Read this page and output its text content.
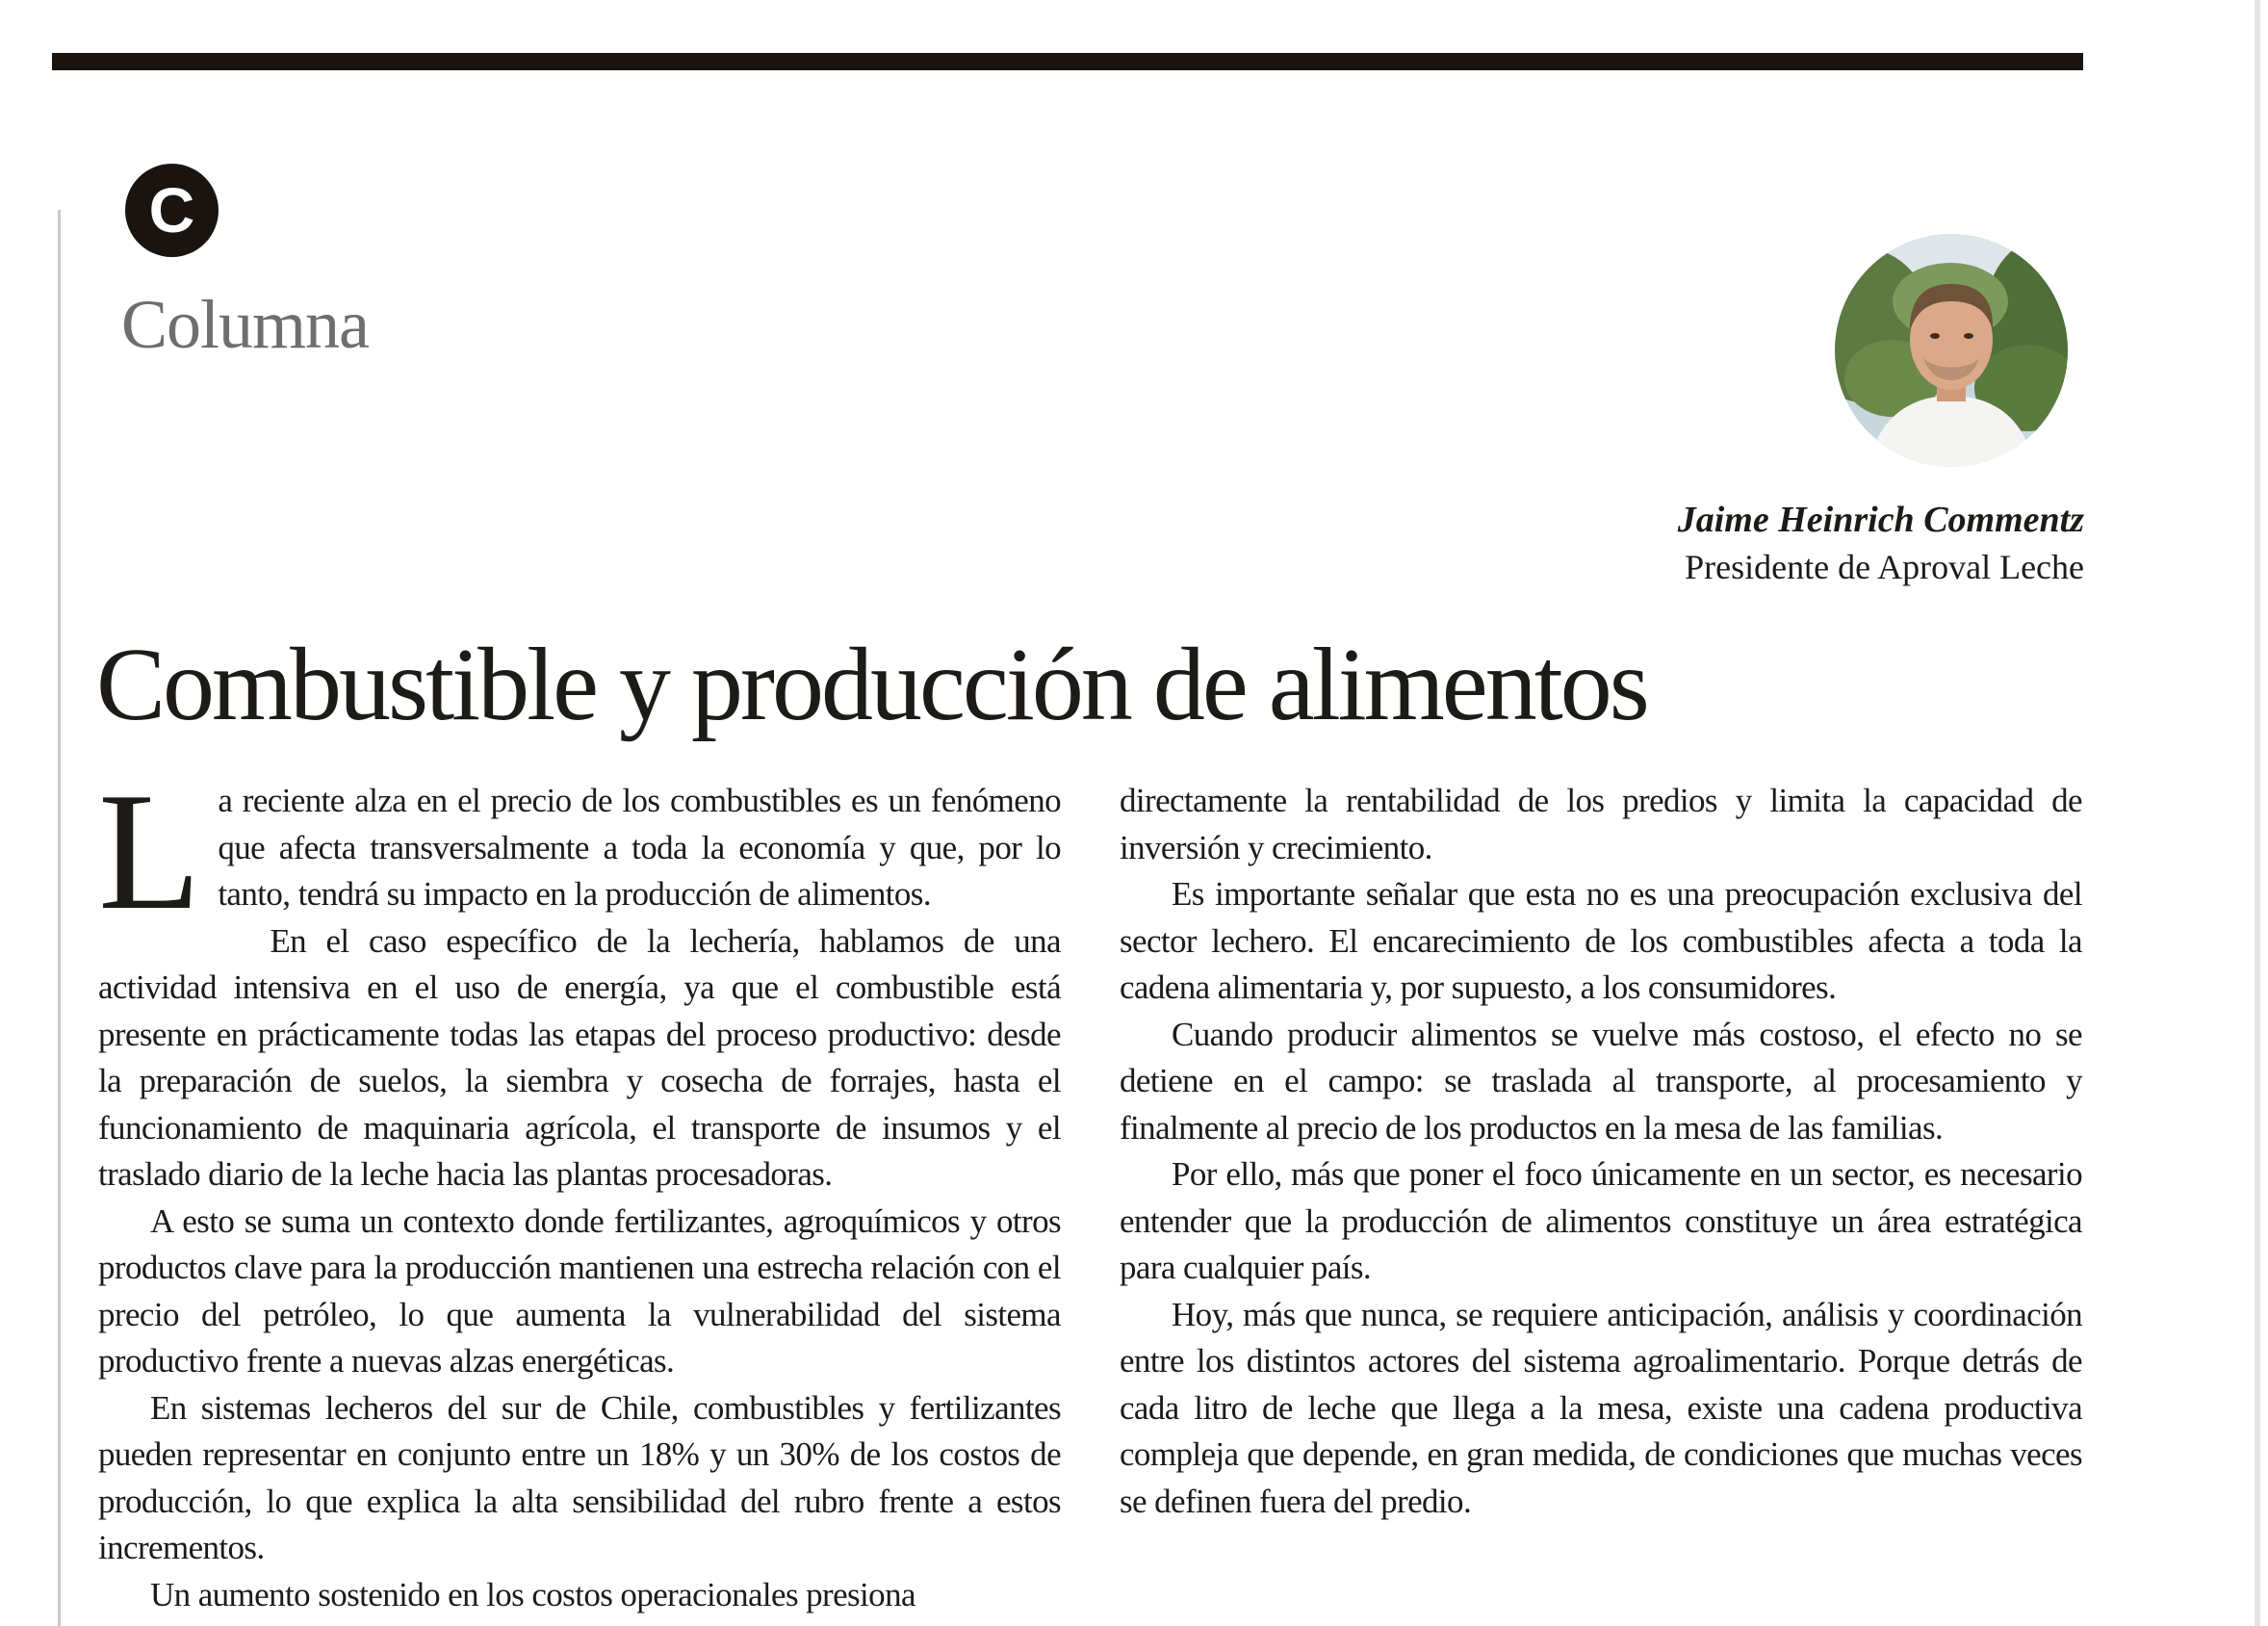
C
Columna
Jaime Heinrich Commentz
Presidente de Aproval Leche
Combustible y producción de alimentos

La reciente alza en el precio de los combustibles es un fenómeno que afecta transversalmente a toda la economía y que, por lo tanto, tendrá su impacto en la producción de alimentos.

En el caso específico de la lechería, hablamos de una actividad intensiva en el uso de energía, ya que el combustible está presente en prácticamente todas las etapas del proceso productivo: desde la preparación de suelos, la siembra y cosecha de forrajes, hasta el funcionamiento de maquinaria agrícola, el transporte de insumos y el traslado diario de la leche hacia las plantas procesadoras.

A esto se suma un contexto donde fertilizantes, agroquímicos y otros productos clave para la producción mantienen una estrecha relación con el precio del petróleo, lo que aumenta la vulnerabilidad del sistema productivo frente a nuevas alzas energéticas.

En sistemas lecheros del sur de Chile, combustibles y fertilizantes pueden representar en conjunto entre un 18% y un 30% de los costos de producción, lo que explica la alta sensibilidad del rubro frente a estos incrementos.

Un aumento sostenido en los costos operacionales presiona

directamente la rentabilidad de los predios y limita la capacidad de inversión y crecimiento.

Es importante señalar que esta no es una preocupación exclusiva del sector lechero. El encarecimiento de los combustibles afecta a toda la cadena alimentaria y, por supuesto, a los consumidores.

Cuando producir alimentos se vuelve más costoso, el efecto no se detiene en el campo: se traslada al transporte, al procesamiento y finalmente al precio de los productos en la mesa de las familias.

Por ello, más que poner el foco únicamente en un sector, es necesario entender que la producción de alimentos constituye un área estratégica para cualquier país.

Hoy, más que nunca, se requiere anticipación, análisis y coordinación entre los distintos actores del sistema agroalimentario. Porque detrás de cada litro de leche que llega a la mesa, existe una cadena productiva compleja que depende, en gran medida, de condiciones que muchas veces se definen fuera del predio.
